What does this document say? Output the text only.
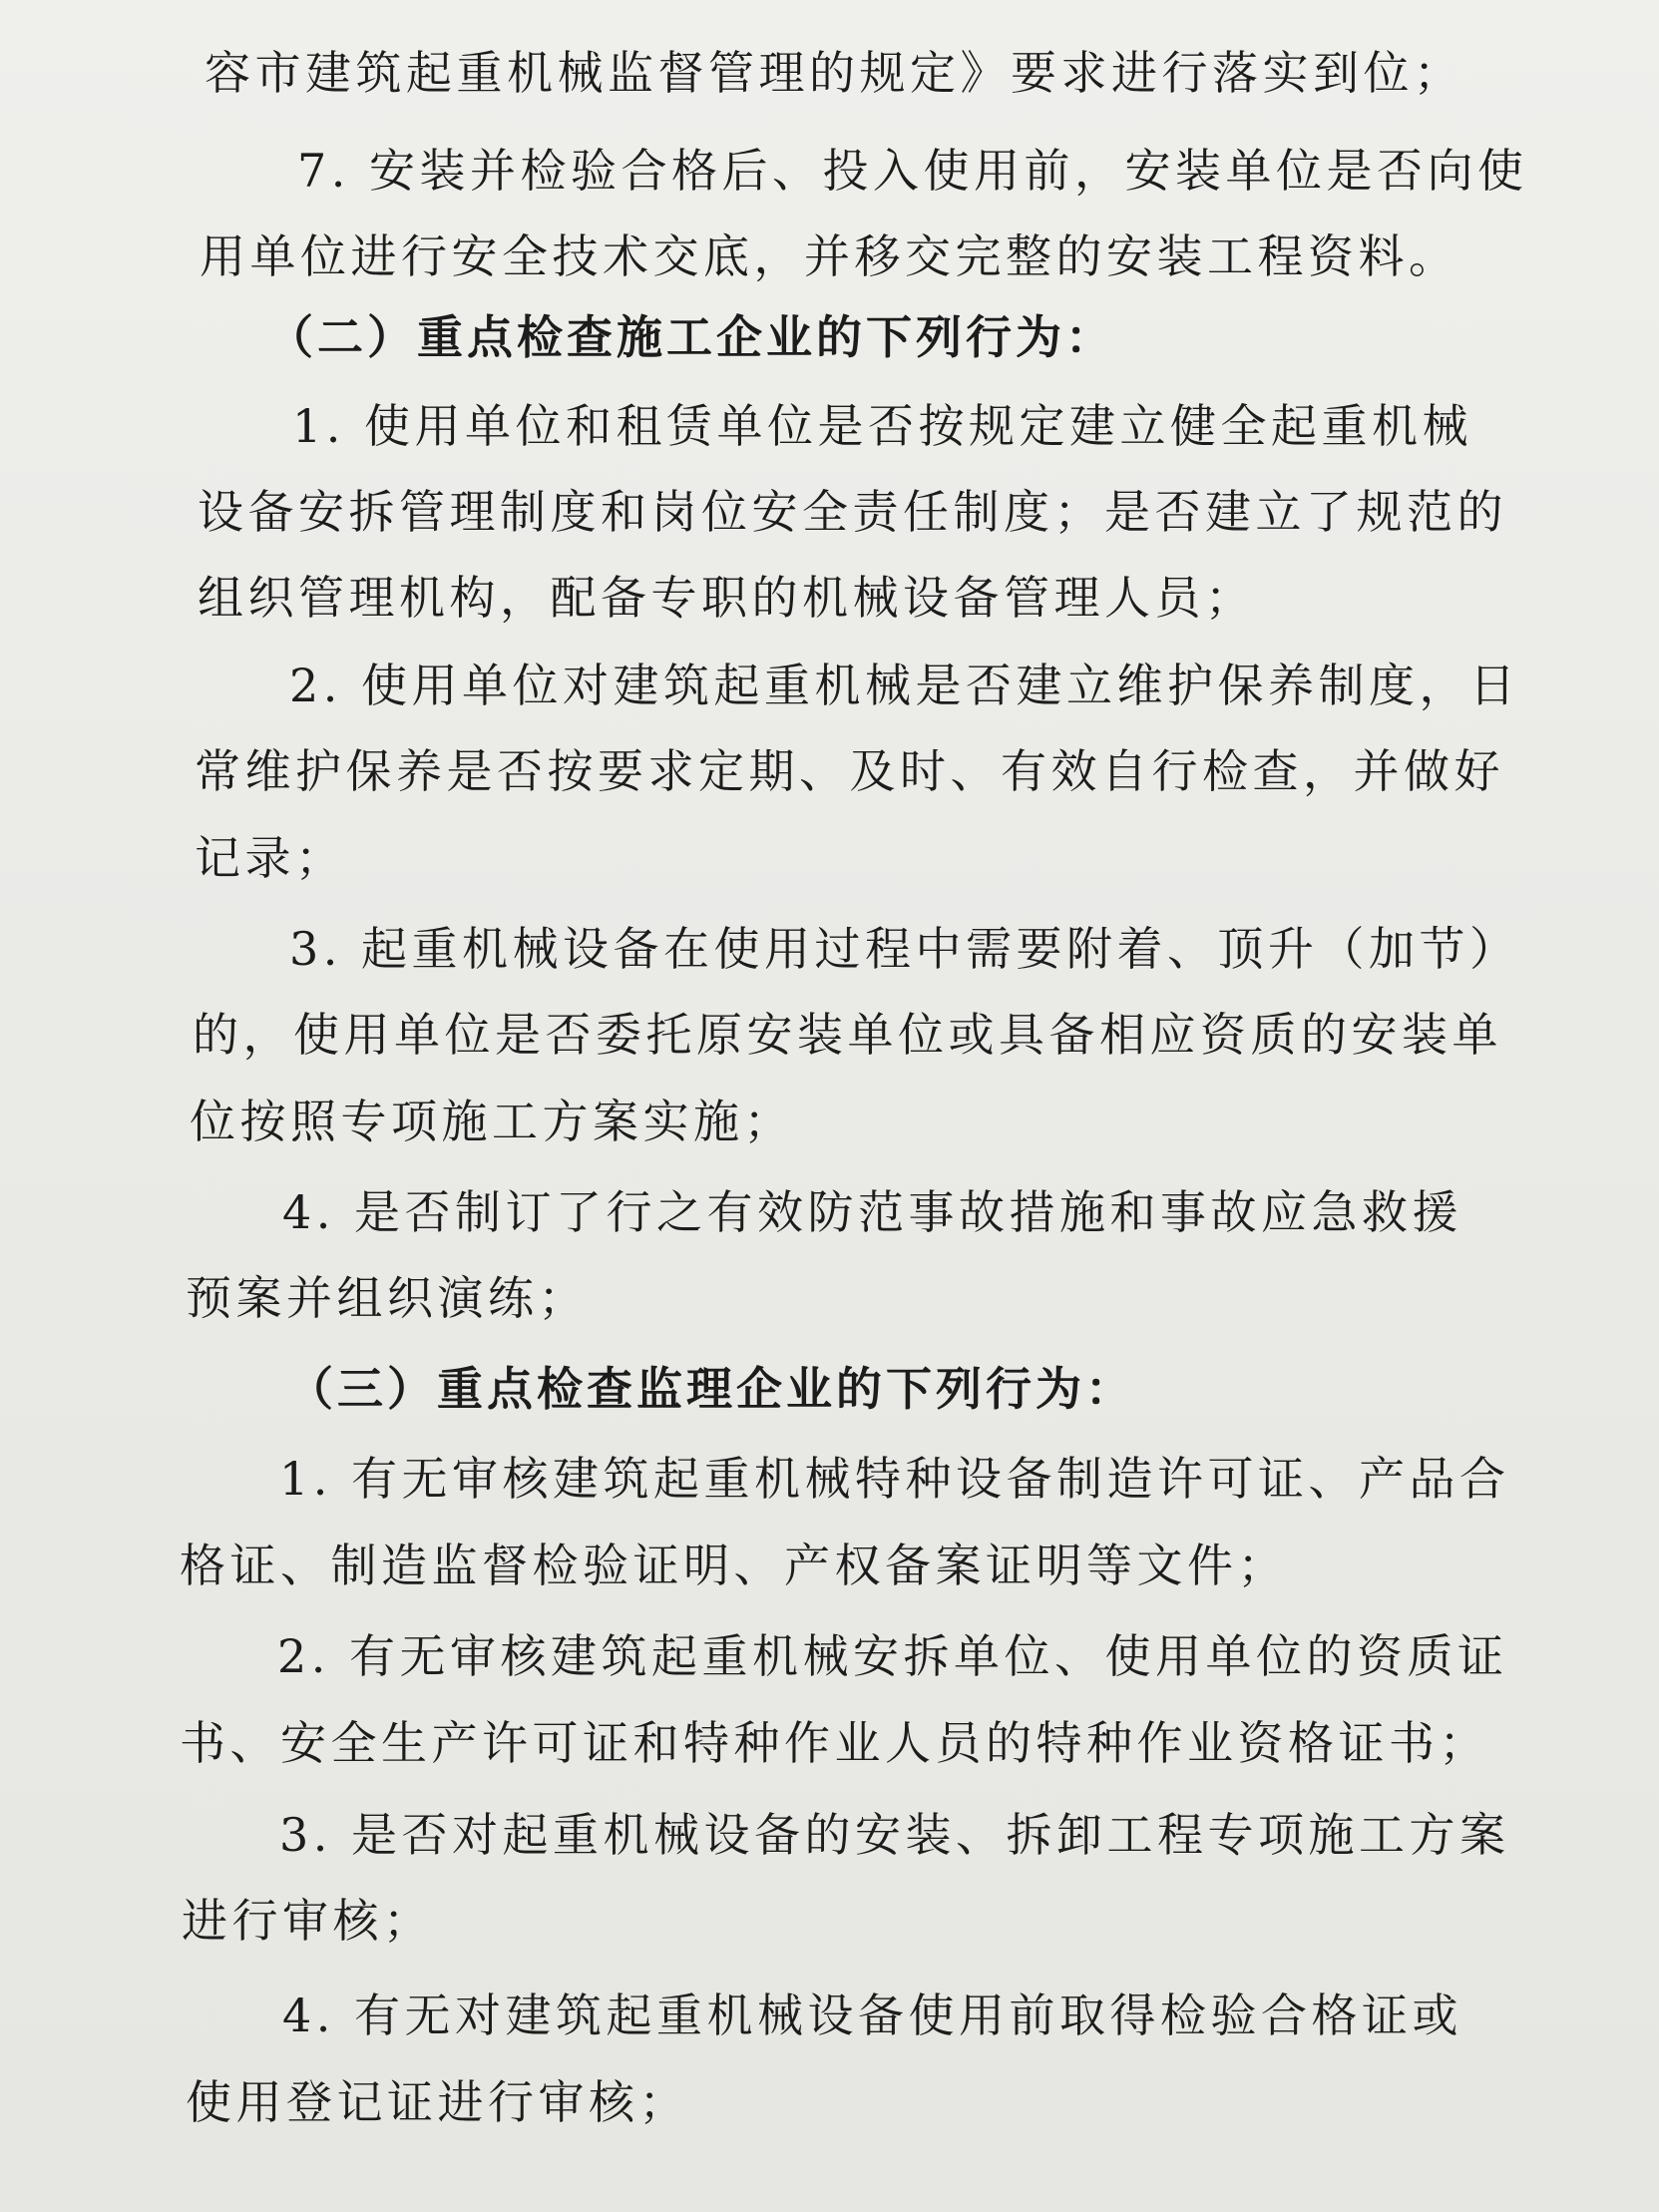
容市建筑起重机械监督管理的规定》要求进行落实到位；
7. 安装并检验合格后、投入使用前，安装单位是否向使
用单位进行安全技术交底，并移交完整的安装工程资料。
（二）重点检查施工企业的下列行为：
1. 使用单位和租赁单位是否按规定建立健全起重机械
设备安拆管理制度和岗位安全责任制度；是否建立了规范的
组织管理机构，配备专职的机械设备管理人员；
2. 使用单位对建筑起重机械是否建立维护保养制度，日
常维护保养是否按要求定期、及时、有效自行检查，并做好
记录；
3. 起重机械设备在使用过程中需要附着、顶升（加节）
的，使用单位是否委托原安装单位或具备相应资质的安装单
位按照专项施工方案实施；
4. 是否制订了行之有效防范事故措施和事故应急救援
预案并组织演练；
（三）重点检查监理企业的下列行为：
1. 有无审核建筑起重机械特种设备制造许可证、产品合
格证、制造监督检验证明、产权备案证明等文件；
2. 有无审核建筑起重机械安拆单位、使用单位的资质证
书、安全生产许可证和特种作业人员的特种作业资格证书；
3. 是否对起重机械设备的安装、拆卸工程专项施工方案
进行审核；
4. 有无对建筑起重机械设备使用前取得检验合格证或
使用登记证进行审核；
